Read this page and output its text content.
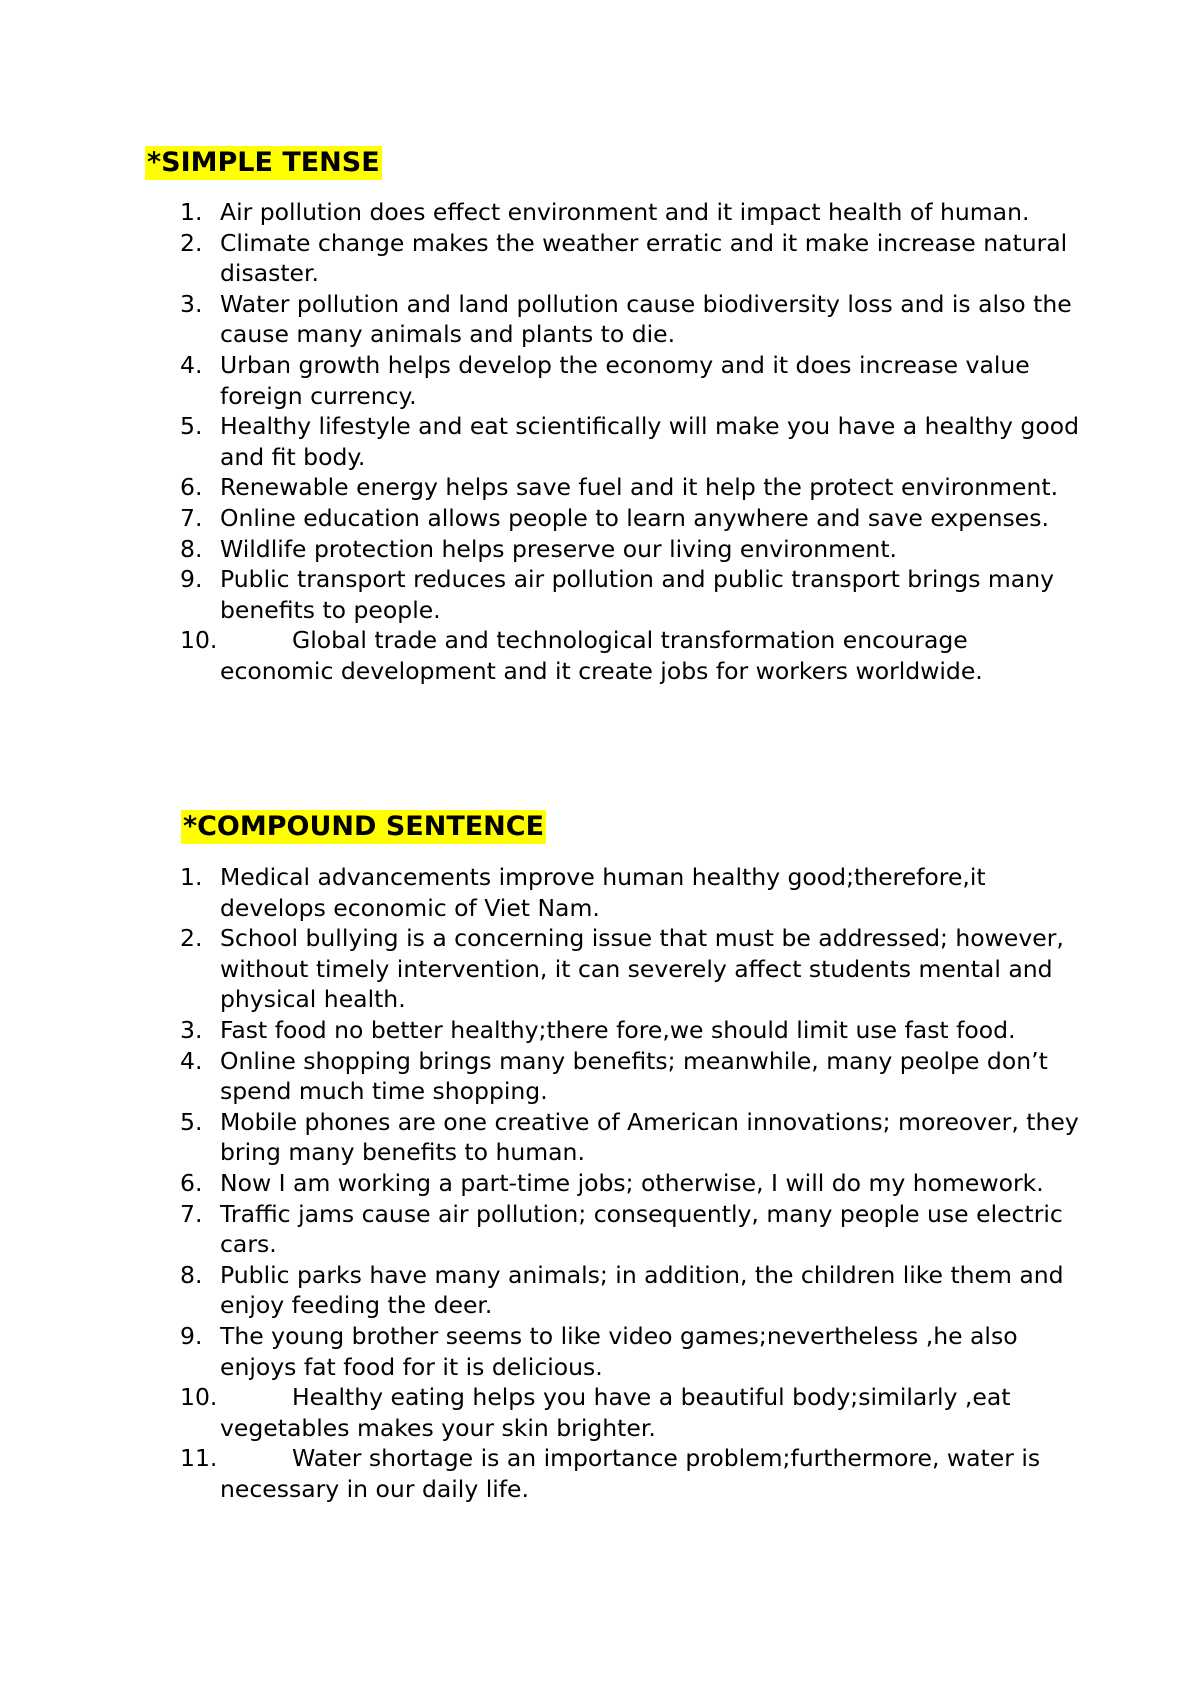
*SIMPLE TENSE
1. Air pollution does effect environment and it impact health of human.
2. Climate change makes the weather erratic and it make increase natural disaster.
3. Water pollution and land pollution cause biodiversity loss and is also the cause many animals and plants to die.
4. Urban growth helps develop the economy and it does increase value foreign currency.
5. Healthy lifestyle and eat scientifically will make you have a healthy good and fit body.
6. Renewable energy helps save fuel and it help the protect environment.
7. Online education allows people to learn anywhere and save expenses.
8. Wildlife protection helps preserve our living environment.
9. Public transport reduces air pollution and public transport brings many benefits to people.
10.	Global trade and technological transformation encourage economic development and it create jobs for workers worldwide.
*COMPOUND SENTENCE
1. Medical advancements improve human healthy good;therefore,it develops economic of Viet Nam.
2. School bullying is a concerning issue that must be addressed; however, without timely intervention, it can severely affect students mental and physical health.
3. Fast food no better healthy;there fore,we should limit use fast food.
4. Online shopping brings many benefits; meanwhile, many peolpe don’t spend much time shopping.
5. Mobile phones are one creative of American innovations; moreover, they bring many benefits to human.
6. Now I am working a part-time jobs; otherwise, I will do my homework.
7. Traffic jams cause air pollution; consequently, many people use electric cars.
8. Public parks have many animals; in addition, the children like them and enjoy feeding the deer.
9. The young brother seems to like video games;nevertheless ,he also enjoys fat food for it is delicious.
10.	Healthy eating helps you have a beautiful body;similarly ,eat vegetables makes your skin brighter.
11.	Water shortage is an importance problem;furthermore, water is necessary in our daily life.
